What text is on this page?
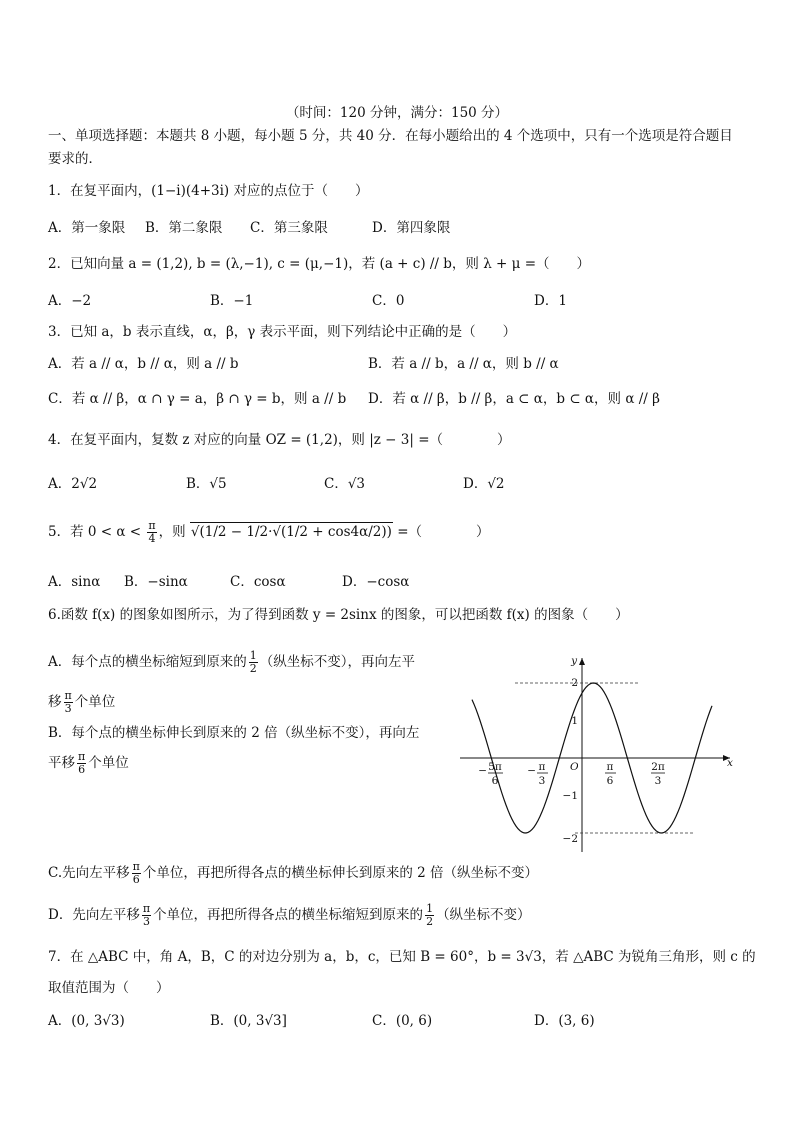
（时间：120 分钟，满分：150 分）
一、单项选择题：本题共 8 小题，每小题 5 分，共 40 分．在每小题给出的 4 个选项中，只有一个选项是符合题目
要求的．
1．在复平面内，(1−i)(4+3i) 对应的点位于（　　）
A．第一象限 B．第二象限 C．第三象限	D．第四象限
2．已知向量 a = (1,2), b = (λ,−1), c = (μ,−1)，若 (a + c) // b，则 λ + μ =（　　）
A．−2	B．−1	C．0	D．1
3．已知 a，b 表示直线，α，β，γ 表示平面，则下列结论中正确的是（　　）
A．若 a // α，b // α，则 a // b	B．若 a // b，a // α，则 b // α
C．若 α // β，α ∩ γ = a，β ∩ γ = b，则 a // b D．若 α // β，b // β，a ⊂ α，b ⊂ α，则 α // β
4．在复平面内，复数 z 对应的向量 OZ = (1,2)，则 |z − 3| =（　　　　）
A．2√2	B．√5	C．√3	D．√2
5．若 $0 < \alpha < \frac{\pi}{4}$ ，则 √(1/2 − 1/2·√(1/2 + cos4α/2)) =（　　　　）
A．sinα B．−sinα	C．cosα	D．−cosα
6.函数 f(x) 的图象如图所示，为了得到函数 y = 2sinx 的图象，可以把函数 f(x) 的图象（　　）
A．每个点的横坐标缩短到原来的 $\frac{1}{2}$ （纵坐标不变），再向左平
移 $\frac{\pi}{3}$ 个单位
B．每个点的横坐标伸长到原来的 2 倍（纵坐标不变），再向左
平移 $\frac{\pi}{6}$ 个单位
y
x
O
2
1
−1
−2
− 5π
6
− π
3
π
6
2π
3
C.先向左平移 $\frac{\pi}{6}$ 个单位，再把所得各点的横坐标伸长到原来的 2 倍（纵坐标不变）
D．先向左平移 $\frac{\pi}{3}$ 个单位，再把所得各点的横坐标缩短到原来的 $\frac{1}{2}$ （纵坐标不变）
7．在 △ABC 中，角 A，B，C 的对边分别为 a，b，c，已知 B = 60°，b = 3√3，若 △ABC 为锐角三角形，则 c 的
取值范围为（　　）
A．(0, 3√3)	B．(0, 3√3]	C．(0, 6)	D．(3, 6)
